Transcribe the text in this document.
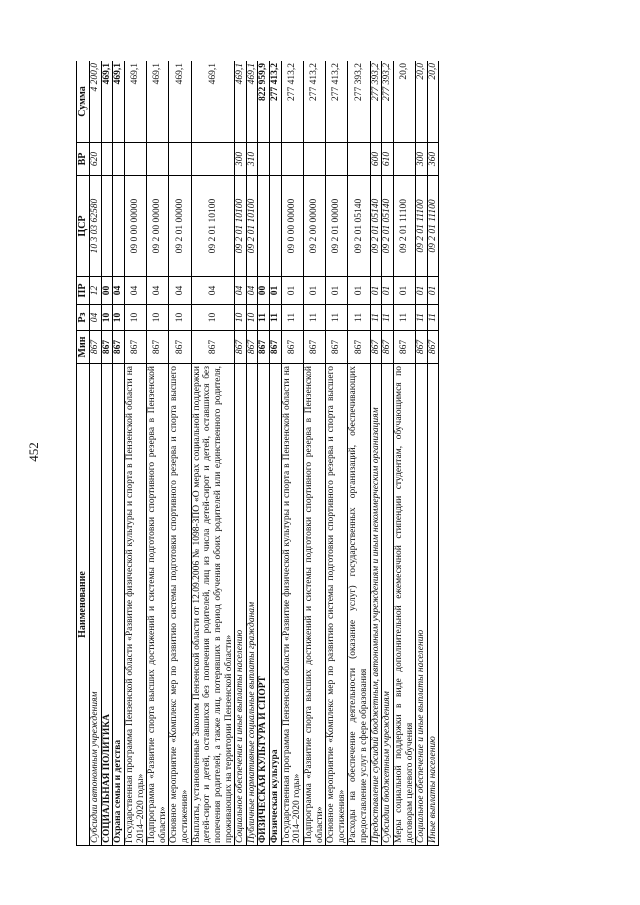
452
Наименование	Мин	Рз	ПР	ЦСР	ВР	Сумма
Субсидии автономным учреждениям	867	04	12	10 3 03 62580	620	4 200,0
СОЦИАЛЬНАЯ ПОЛИТИКА	867	10	00			469,1
Охрана семьи и детства	867	10	04			469,1
Государственная программа Пензенской области «Развитие физической культуры и спорта в Пензенской области на 2014–2020 годы»	867	10	04	09 0 00 00000		469,1
Подпрограмма «Развитие спорта высших достижений и системы подготовки спортивного резерва в Пензенской области»	867	10	04	09 2 00 00000		469,1
Основное мероприятие «Комплекс мер по развитию системы подготовки спортивного резерва и спорта высшего достижения»	867	10	04	09 2 01 00000		469,1
Выплаты, установленные Законом Пензенской области от 12.09.2006 № 1098-ЗПО «О мерах социальной поддержки детей-сирот и детей, оставшихся без попечения родителей, лиц из числа детей-сирот и детей, оставшихся без попечения родителей, а также лиц, потерявших в период обучения обоих родителей или единственного родителя, проживающих на территории Пензенской области»	867	10	04	09 2 01 10100		469,1
Социальное обеспечение и иные выплаты населению	867	10	04	09 2 01 10100	300	469,1
Публичные нормативные социальные выплаты гражданам	867	10	04	09 2 01 10100	310	469,1
ФИЗИЧЕСКАЯ КУЛЬТУРА И СПОРТ	867	11	00			822 959,9
Физическая культура	867	11	01			277 413,2
Государственная программа Пензенской области «Развитие физической культуры и спорта в Пензенской области на 2014–2020 годы»	867	11	01	09 0 00 00000		277 413,2
Подпрограмма «Развитие спорта высших достижений и системы подготовки спортивного резерва в Пензенской области»	867	11	01	09 2 00 00000		277 413,2
Основное мероприятие «Комплекс мер по развитию системы подготовки спортивного резерва и спорта высшего достижения»	867	11	01	09 2 01 00000		277 413,2
Расходы на обеспечение деятельности (оказание услуг) государственных организаций, обеспечивающих предоставление услуг в сфере образования	867	11	01	09 2 01 05140		277 393,2
Предоставление субсидий бюджетным, автономным учреждениям и иным некоммерческим организациям	867	11	01	09 2 01 05140	600	277 393,2
Субсидии бюджетным учреждениям	867	11	01	09 2 01 05140	610	277 393,2
Меры социальной поддержки в виде дополнительной ежемесячной стипендии студентам, обучающимся по договорам целевого обучения	867	11	01	09 2 01 11100		20,0
Социальное обеспечение и иные выплаты населению	867	11	01	09 2 01 11100	300	20,0
Иные выплаты населению	867	11	01	09 2 01 11100	360	20,0
